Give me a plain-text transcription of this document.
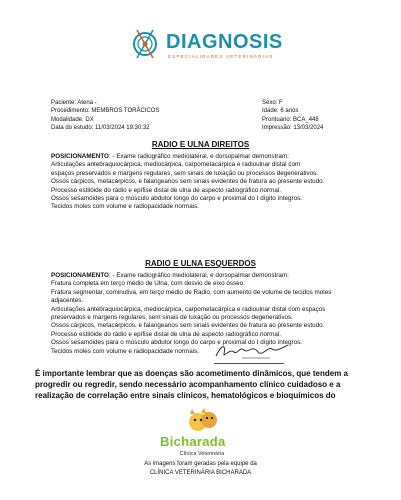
DIAGNOSIS
ESPECIALIDADES VETERINÁRIAS
Paciente: Atena -
Procedimento: MEMBROS TORÁCICOS
Modalidade: DX
Data do estudo: 11/03/2024 19:30:32
Sexo: F
Idade: 6 anos
Prontuario: BCA_448
Impressão: 13/03/2024
RADIO E ULNA DIREITOS
POSICIONAMENTO: - Exame radiográfico mediolateral, e dorsopalmar demonstram:
Articulações antebraquiocárpica, mediocárpica, carpometacárpica e radioulnar distal com
espaços preservados e margens regulares, sem sinais de luxação ou processos degenerativos.
Ossos cárpicos, metacárpicos, e falangeanos sem sinais evidentes de fratura ao presente estudo.
Processo estilóide do rádio e epífise distal de ulna de aspecto radiográfico normal.
Ossos sesamóides para o músculo abdutor longo do carpo e proximal do I dígito íntegros.
Tecidos moles com volume e radiopacidade normais.
RADIO E ULNA ESQUERDOS
POSICIONAMENTO: - Exame radiográfico mediolateral, e dorsopalmar demonstram:
Fratura completa em terço médio de Ulna, com desvio de eixo ósseo.
Fratura segmentar, cominutiva, em terço médio de Radio, com aumento de volume de tecidos moles
adjacentes.
Articulações antebraquiocárpica, mediocárpica, carpometacárpica e radioulnar distal com espaços
preservados e margens regulares, sem sinais de luxação ou processos degenerativos.
Ossos cárpicos, metacárpicos, e falangeanos sem sinais evidentes de fratura ao presente estudo.
Processo estilóide do rádio e epífise distal de ulna de aspecto radiográfico normal.
Ossos sesamóides para o músculo abdutor longo do carpo e proximal do I dígito íntegros.
Tecidos moles com volume e radiopacidade normais.
É importante lembrar que as doenças são acometimento dinâmicos, que tendem a progredir ou regredir, sendo necessário acompanhamento clínico cuidadoso e a realização de correlação entre sinais clínicos, hematológicos e bioquímicos do
Bicharada
Clínica Veterinária
As imagens foram geradas pela equipe da
CLÍNICA VETERINÁRIA BICHARADA
